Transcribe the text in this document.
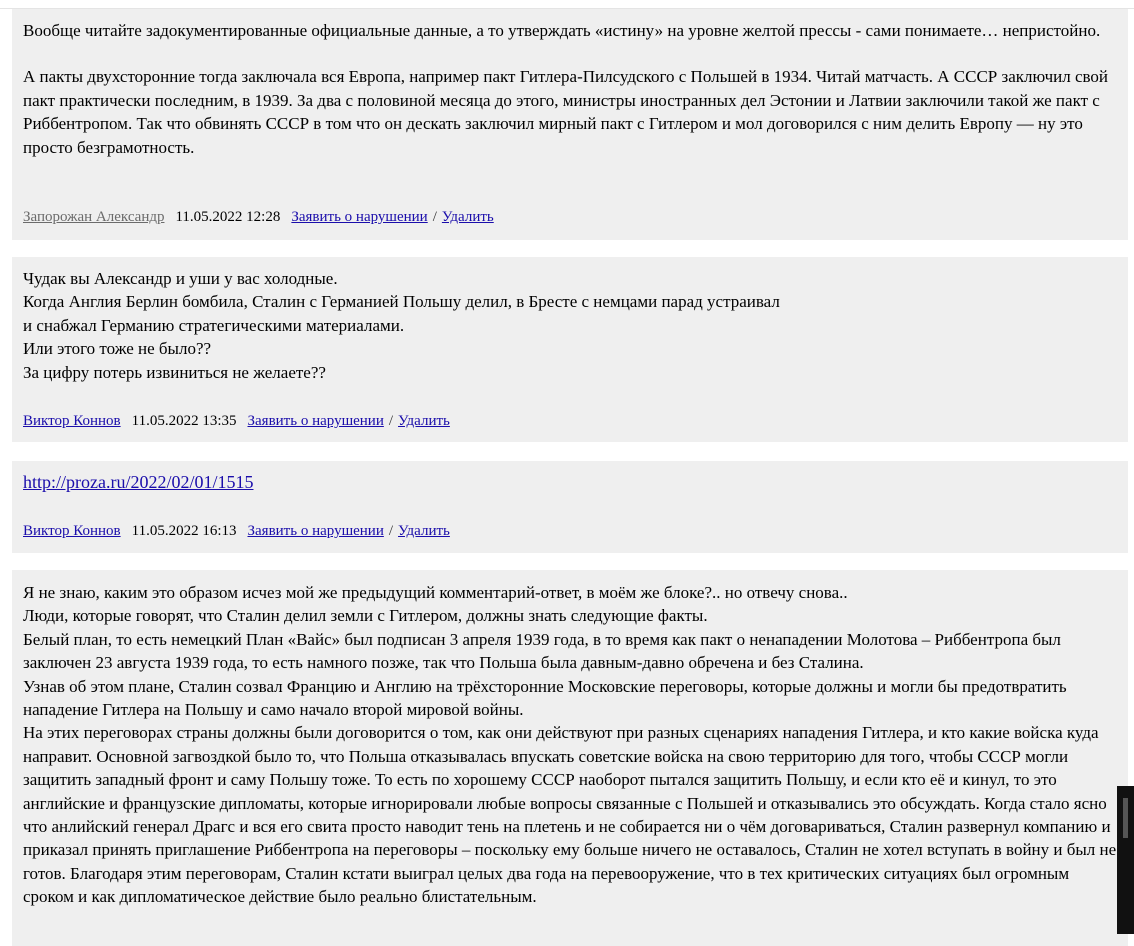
Вообще читайте задокументированные официальные данные, а то утверждать «истину» на уровне желтой прессы - сами понимаете… непристойно.

А пакты двухсторонние тогда заключала вся Европа, например пакт Гитлера-Пилсудского с Польшей в 1934. Читай матчасть. А СССР заключил свой пакт практически последним, в 1939. За два с половиной месяца до этого, министры иностранных дел Эстонии и Латвии заключили такой же пакт с Риббентропом. Так что обвинять СССР в том что он дескать заключил мирный пакт с Гитлером и мол договорился с ним делить Европу — ну это просто безграмотность.

Запорожан Александр 11.05.2022 12:28 Заявить о нарушении / Удалить

Чудак вы Александр и уши у вас холодные.

Когда Англия Берлин бомбила, Сталин с Германией Польшу делил, в Бресте с немцами парад устраивал

и снабжал Германию стратегическими материалами.

Или этого тоже не было??

За цифру потерь извиниться не желаете??

Виктор Коннов 11.05.2022 13:35 Заявить о нарушении / Удалить
http://proza.ru/2022/02/01/1515
Виктор Коннов 11.05.2022 16:13 Заявить о нарушении / Удалить

Я не знаю, каким это образом исчез мой же предыдущий комментарий-ответ, в моём же блоке?.. но отвечу снова..

Люди, которые говорят, что Сталин делил земли с Гитлером, должны знать следующие факты.

Белый план, то есть немецкий План «Вайс» был подписан 3 апреля 1939 года, в то время как пакт о ненападении Молотова – Риббентропа был заключен 23 августа 1939 года, то есть намного позже, так что Польша была давным-давно обречена и без Сталина.

Узнав об этом плане, Сталин созвал Францию и Англию на трёхсторонние Московские переговоры, которые должны и могли бы предотвратить нападение Гитлера на Польшу и само начало второй мировой войны.

На этих переговорах страны должны были договорится о том, как они действуют при разных сценариях нападения Гитлера, и кто какие войска куда направит. Основной загвоздкой было то, что Польша отказывалась впускать советские войска на свою территорию для того, чтобы СССР могли защитить западный фронт и саму Польшу тоже. То есть по хорошему СССР наоборот пытался защитить Польшу, и если кто её и кинул, то это английские и французские дипломаты, которые игнорировали любые вопросы связанные с Польшей и отказывались это обсуждать. Когда стало ясно что анлийский генерал Драгс и вся его свита просто наводит тень на плетень и не собирается ни о чём договариваться, Сталин развернул компанию и приказал принять приглашение Риббентропа на переговоры – поскольку ему больше ничего не оставалось, Сталин не хотел вступать в войну и был не готов. Благодаря этим переговорам, Сталин кстати выиграл целых два года на перевооружение, что в тех критических ситуациях был огромным сроком и как дипломатическое действие было реально блистательным.
